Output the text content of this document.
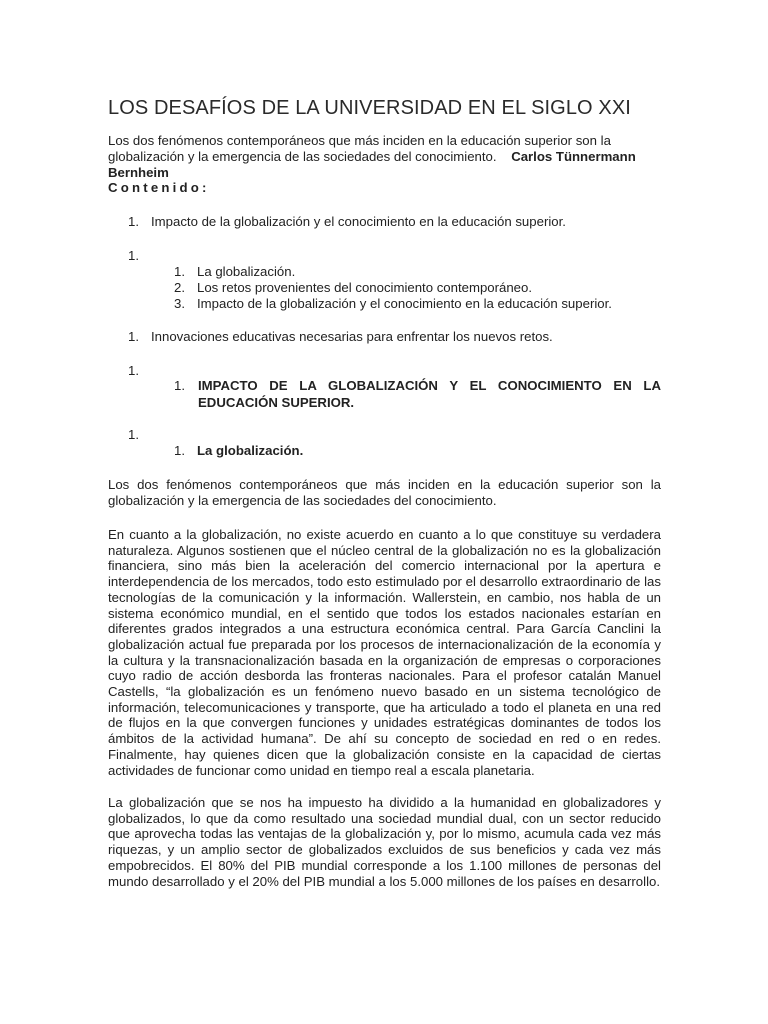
LOS DESAFÍOS DE LA UNIVERSIDAD EN EL SIGLO XXI
Los dos fenómenos contemporáneos que más inciden en la educación superior son la globalización y la emergencia de las sociedades del conocimiento. Carlos Tünnermann Bernheim
Contenido:
1. Impacto de la globalización y el conocimiento en la educación superior.
1.
1. La globalización.
2. Los retos provenientes del conocimiento contemporáneo.
3. Impacto de la globalización y el conocimiento en la educación superior.
1. Innovaciones educativas necesarias para enfrentar los nuevos retos.
1.
1. IMPACTO DE LA GLOBALIZACIÓN Y EL CONOCIMIENTO EN LA EDUCACIÓN SUPERIOR.
1.
1. La globalización.

Los dos fenómenos contemporáneos que más inciden en la educación superior son la globalización y la emergencia de las sociedades del conocimiento.

En cuanto a la globalización, no existe acuerdo en cuanto a lo que constituye su verdadera naturaleza. Algunos sostienen que el núcleo central de la globalización no es la globalización financiera, sino más bien la aceleración del comercio internacional por la apertura e interdependencia de los mercados, todo esto estimulado por el desarrollo extraordinario de las tecnologías de la comunicación y la información. Wallerstein, en cambio, nos habla de un sistema económico mundial, en el sentido que todos los estados nacionales estarían en diferentes grados integrados a una estructura económica central. Para García Canclini la globalización actual fue preparada por los procesos de internacionalización de la economía y la cultura y la transnacionalización basada en la organización de empresas o corporaciones cuyo radio de acción desborda las fronteras nacionales. Para el profesor catalán Manuel Castells, “la globalización es un fenómeno nuevo basado en un sistema tecnológico de información, telecomunicaciones y transporte, que ha articulado a todo el planeta en una red de flujos en la que convergen funciones y unidades estratégicas dominantes de todos los ámbitos de la actividad humana”. De ahí su concepto de sociedad en red o en redes. Finalmente, hay quienes dicen que la globalización consiste en la capacidad de ciertas actividades de funcionar como unidad en tiempo real a escala planetaria.

La globalización que se nos ha impuesto ha dividido a la humanidad en globalizadores y globalizados, lo que da como resultado una sociedad mundial dual, con un sector reducido que aprovecha todas las ventajas de la globalización y, por lo mismo, acumula cada vez más riquezas, y un amplio sector de globalizados excluidos de sus beneficios y cada vez más empobrecidos. El 80% del PIB mundial corresponde a los 1.100 millones de personas del mundo desarrollado y el 20% del PIB mundial a los 5.000 millones de los países en desarrollo.
